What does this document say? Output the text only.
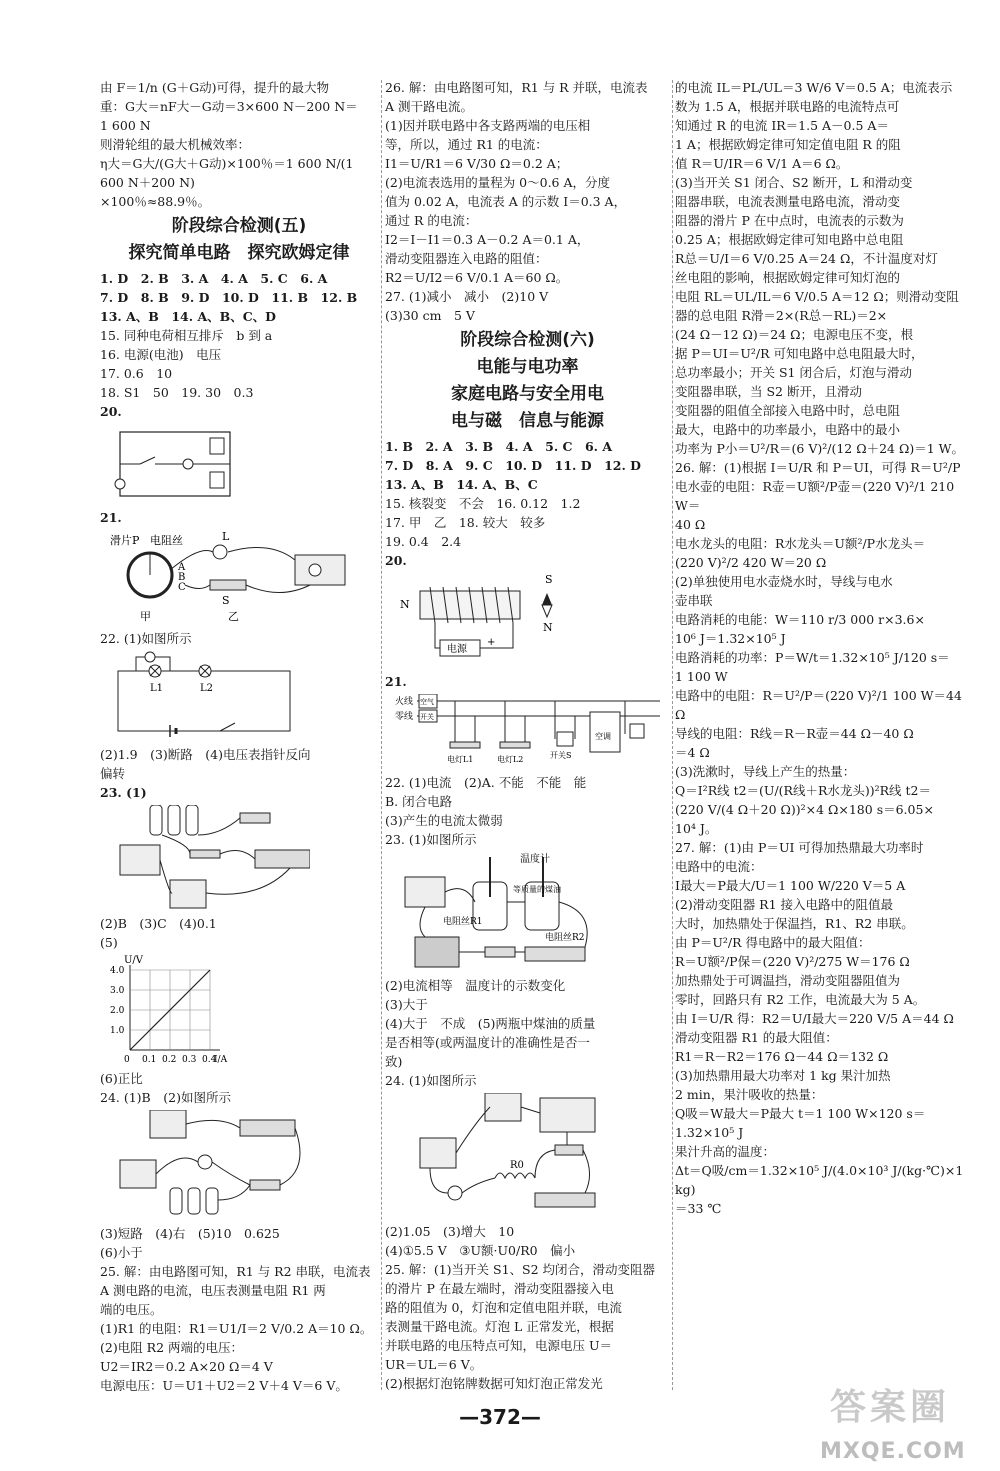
由 F＝1/n (G＋G动)可得，提升的最大物

重：G大＝nF大－G动＝3×600 N－200 N＝

1 600 N

则滑轮组的最大机械效率：

η大＝G大/(G大＋G动)×100％＝1 600 N/(1 600 N＋200 N)

×100％≈88.9％。

阶段综合检测(五)
探究简单电路　探究欧姆定律

1. D　2. B　3. A　4. A　5. C　6. A

7. D　8. B　9. D　10. D　11. B　12. B

13. A、B　14. A、B、C、D

15. 同种电荷相互排斥　b 到 a

16. 电源(电池)　电压

17. 0.6　10

18. S1　50　19. 30　0.3

20.

21.

滑片P 电阻丝	L
A
B
C
S
甲	乙

22. (1)如图所示

L1	L2

(2)1.9　(3)断路　(4)电压表指针反向

偏转

23. (1)

(2)B　(3)C　(4)0.1

(5)

U/V
1.0
2.0
3.0
4.0
0 0.1 0.2 0.3 0.4
I/A

(6)正比

24. (1)B　(2)如图所示

(3)短路　(4)右　(5)10　0.625

(6)小于

25. 解：由电路图可知，R1 与 R2 串联，电流表

A 测电路的电流，电压表测量电阻 R1 两

端的电压。

(1)R1 的电阻：R1＝U1/I＝2 V/0.2 A＝10 Ω。

(2)电阻 R2 两端的电压：

U2＝IR2＝0.2 A×20 Ω＝4 V

电源电压：U＝U1＋U2＝2 V＋4 V＝6 V。

26. 解：由电路图可知，R1 与 R 并联，电流表

A 测干路电流。

(1)因并联电路中各支路两端的电压相

等，所以，通过 R1 的电流：

I1＝U/R1＝6 V/30 Ω＝0.2 A；

(2)电流表选用的量程为 0～0.6 A，分度

值为 0.02 A，电流表 A 的示数 I＝0.3 A，

通过 R 的电流：

I2＝I－I1＝0.3 A－0.2 A＝0.1 A，

滑动变阻器连入电路的阻值：

R2＝U/I2＝6 V/0.1 A＝60 Ω。

27. (1)减小　减小　(2)10 V

(3)30 cm　5 V

阶段综合检测(六)
电能与电功率
家庭电路与安全用电
电与磁　信息与能源

1. B　2. A　3. B　4. A　5. C　6. A

7. D　8. A　9. C　10. D　11. D　12. D

13. A、B　14. A、B、C

15. 核裂变　不会　16. 0.12　1.2

17. 甲　乙　18. 较大　较多

19. 0.4　2.4

20.

S
N
N
电源
+
S

21.

火线
零线
空气
开关
电灯L1	电灯L2	开关S
空调

22. (1)电流　(2)A. 不能　不能　能

B. 闭合电路

(3)产生的电流太微弱

23. (1)如图所示

温度计
等质量的煤油
电阻丝R1
电阻丝R2

(2)电流相等　温度计的示数变化

(3)大于

(4)大于　不成　(5)两瓶中煤油的质量

是否相等(或两温度计的准确性是否一

致)

24. (1)如图所示

R0

(2)1.05　(3)增大　10

(4)①5.5 V　③U额·U0/R0　偏小

25. 解：(1)当开关 S1、S2 均闭合，滑动变阻器

的滑片 P 在最左端时，滑动变阻器接入电

路的阻值为 0，灯泡和定值电阻并联，电流

表测量干路电流。灯泡 L 正常发光，根据

并联电路的电压特点可知，电源电压 U＝

UR＝UL＝6 V。

(2)根据灯泡铭牌数据可知灯泡正常发光

的电流 IL＝PL/UL＝3 W/6 V＝0.5 A；电流表示

数为 1.5 A，根据并联电路的电流特点可

知通过 R 的电流 IR＝1.5 A－0.5 A＝

1 A；根据欧姆定律可知定值电阻 R 的阻

值 R＝U/IR＝6 V/1 A＝6 Ω。

(3)当开关 S1 闭合、S2 断开，L 和滑动变

阻器串联，电流表测量电路电流，滑动变

阻器的滑片 P 在中点时，电流表的示数为

0.25 A；根据欧姆定律可知电路中总电阻

R总＝U/I＝6 V/0.25 A＝24 Ω，不计温度对灯

丝电阻的影响，根据欧姆定律可知灯泡的

电阻 RL＝UL/IL＝6 V/0.5 A＝12 Ω；则滑动变阻

器的总电阻 R滑＝2×(R总－RL)＝2×

(24 Ω－12 Ω)＝24 Ω；电源电压不变，根

据 P＝UI＝U²/R 可知电路中总电阻最大时，

总功率最小；开关 S1 闭合后，灯泡与滑动

变阻器串联，当 S2 断开，且滑动

变阻器的阻值全部接入电路中时，总电阻

最大，电路中的功率最小，电路中的最小

功率为 P小＝U²/R＝(6 V)²/(12 Ω＋24 Ω)＝1 W。

26. 解：(1)根据 I＝U/R 和 P＝UI，可得 R＝U²/P

电水壶的电阻：R壶＝U额²/P壶＝(220 V)²/1 210 W＝

40 Ω

电水龙头的电阻：R水龙头＝U额²/P水龙头＝

(220 V)²/2 420 W＝20 Ω

(2)单独使用电水壶烧水时，导线与电水

壶串联

电路消耗的电能：W＝110 r/3 000 r×3.6×

10⁶ J＝1.32×10⁵ J

电路消耗的功率：P＝W/t＝1.32×10⁵ J/120 s＝

1 100 W

电路中的电阻：R＝U²/P＝(220 V)²/1 100 W＝44 Ω

导线的电阻：R线＝R－R壶＝44 Ω－40 Ω

＝4 Ω

(3)洗漱时，导线上产生的热量：

Q＝I²R线 t2＝(U/(R线＋R水龙头))²R线 t2＝

(220 V/(4 Ω＋20 Ω))²×4 Ω×180 s＝6.05×

10⁴ J。

27. 解：(1)由 P＝UI 可得加热鼎最大功率时

电路中的电流：

I最大＝P最大/U＝1 100 W/220 V＝5 A

(2)滑动变阻器 R1 接入电路中的阻值最

大时，加热鼎处于保温挡，R1、R2 串联。

由 P＝U²/R 得电路中的最大阻值：

R＝U额²/P保＝(220 V)²/275 W＝176 Ω

加热鼎处于可调温挡，滑动变阻器阻值为

零时，回路只有 R2 工作，电流最大为 5 A。

由 I＝U/R 得：R2＝U/I最大＝220 V/5 A＝44 Ω

滑动变阻器 R1 的最大阻值：

R1＝R－R2＝176 Ω－44 Ω＝132 Ω

(3)加热鼎用最大功率对 1 kg 果汁加热

2 min，果汁吸收的热量：

Q吸＝W最大＝P最大 t＝1 100 W×120 s＝

1.32×10⁵ J

果汁升高的温度：

Δt＝Q吸/cm＝1.32×10⁵ J/(4.0×10³ J/(kg·℃)×1 kg)

＝33 ℃

—372—	答案圈
MXQE.COM
